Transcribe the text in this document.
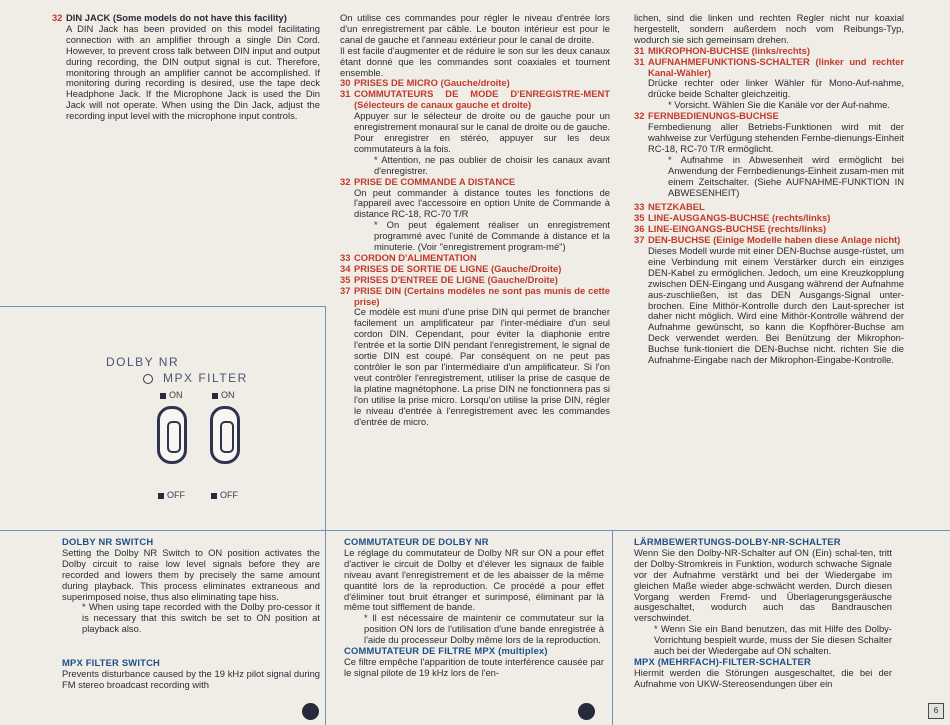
32 DIN JACK (Some models do not have this facility)
A DIN Jack has been provided on this model facilitating connection with an amplifier through a single Din Cord. However, to prevent cross talk between DIN input and output during recording, the DIN output signal is cut. Therefore, monitoring through an amplifier cannot be accomplished. If monitoring during recording is desired, use the tape deck Headphone Jack. If the Microphone Jack is used the Din Jack will not operate. When using the Din Jack, adjust the recording input level with the microphone input controls.

On utilise ces commandes pour régler le niveau d'entrée lors d'un enregistrement par câble. Le bouton intérieur est pour le canal de gauche et l'anneau extérieur pour le canal de droite.

Il est facile d'augmenter et de réduire le son sur les deux canaux étant donné que les commandes sont coaxiales et tournent ensemble.

30 PRISES DE MICRO (Gauche/droite)
31 COMMUTATEURS DE MODE D'ENREGISTRE-MENT (Sélecteurs de canaux gauche et droite)
Appuyer sur le sélecteur de droite ou de gauche pour un enregistrement monaural sur le canal de droite ou de gauche. Pour enregistrer en stéréo, appuyer sur les deux commutateurs à la fois.
* Attention, ne pas oublier de choisir les canaux avant d'enregistrer.
32 PRISE DE COMMANDE A DISTANCE
On peut commander à distance toutes les fonctions de l'appareil avec l'accessoire en option Unite de Commande à distance RC-18, RC-70 T/R
* On peut également réaliser un enregistrement programmé avec l'unité de Commande à distance et la minuterie. (Voir "enregistrement program-mé")
33 CORDON D'ALIMENTATION
34 PRISES DE SORTIE DE LIGNE (Gauche/Droite)
35 PRISES D'ENTREE DE LIGNE (Gauche/Droite)
37 PRISE DIN (Certains modèles ne sont pas munis de cette prise)
Ce modèle est muni d'une prise DIN qui permet de brancher facilement un amplificateur par l'inter-médiaire d'un seul cordon DIN. Cependant, pour éviter la diaphonie entre l'entrée et la sortie DIN pendant l'enregistrement, le signal de sortie DIN est coupé. Par conséquent on ne peut pas contrôler le son par l'intermédiaire d'un amplificateur. Si l'on veut contrôler l'enregistrement, utiliser la prise de casque de la platine magnétophone. La prise DIN ne fonctionnera pas si l'on utilise la prise micro. Lorsqu'on utilise la prise DIN, régler le niveau d'entrée à l'enregistrement avec les commandes d'entrée de micro.

lichen, sind die linken und rechten Regler nicht nur koaxial hergestellt, sondern außerdem noch vom Reibungs-Typ, wodurch sie sich gemeinsam drehen.

31 MIKROPHON-BUCHSE (links/rechts)
31 AUFNAHMEFUNKTIONS-SCHALTER (linker und rechter Kanal-Wähler)
Drücke rechter oder linker Wähler für Mono-Auf-nahme, drücke beide Schalter gleichzeitig.
* Vorsicht. Wählen Sie die Kanäle vor der Auf-nahme.
32 FERNBEDIENUNGS-BUCHSE
Fernbedienung aller Betriebs-Funktionen wird mit der wahlweise zur Verfügung stehenden Fernbe-dienungs-Einheit RC-18, RC-70 T/R ermöglicht.
* Aufnahme in Abwesenheit wird ermöglicht bei Anwendung der Fernbedienungs-Einheit zusam-men mit einem Zeitschalter. (Siehe AUFNAHME-FUNKTION IN ABWESENHEIT)
33 NETZKABEL
35 LINE-AUSGANGS-BUCHSE (rechts/links)
36 LINE-EINGANGS-BUCHSE (rechts/links)
37 DEN-BUCHSE (Einige Modelle haben diese Anlage nicht)
Dieses Modell wurde mit einer DEN-Buchse ausge-rüstet, um eine Verbindung mit einem Verstärker durch ein einziges DEN-Kabel zu ermöglichen. Jedoch, um eine Kreuzkopplung zwischen DEN-Eingang und Ausgang während der Aufnahme aus-zuschließen, ist das DEN Ausgangs-Signal unter-brochen. Eine Mithör-Kontrolle durch den Laut-sprecher ist daher nicht möglich. Wird eine Mithör-Kontrolle während der Aufnahme gewünscht, so kann die Kopfhörer-Buchse am Deck verwendet werden. Bei Benützung der Mikrophon-Buchse funk-tioniert die DEN-Buchse nicht. richten Sie die Aufnahme-Eingabe nach der Mikrophon-Eingabe-Kontrolle.
DOLBY NR
MPX FILTER
ON	ON
OFF	OFF
DOLBY NR SWITCH
Setting the Dolby NR Switch to ON position activates the Dolby circuit to raise low level signals before they are recorded and lowers them by precisely the same amount during playback. This process eliminates extraneous and superimposed noise, thus also eliminating tape hiss.
* When using tape recorded with the Dolby pro-cessor it is necessary that this switch be set to ON position at playback also.
MPX FILTER SWITCH
Prevents disturbance caused by the 19 kHz pilot signal during FM stereo broadcast recording with
COMMUTATEUR DE DOLBY NR
Le réglage du commutateur de Dolby NR sur ON a pour effet d'activer le circuit de Dolby et d'élever les signaux de faible niveau avant l'enregistrement et de les abaisser de la même quantité lors de la reproduction. Ce procédé a pour effet d'éliminer tout bruit étranger et surimposé, éliminant par là même tout sifflement de bande.
* Il est nécessaire de maintenir ce commutateur sur la position ON lors de l'utilisation d'une bande enregistrée à l'aide du processeur Dolby même lors de la reproduction.
COMMUTATEUR DE FILTRE MPX (multiplex)
Ce filtre empêche l'apparition de toute interférence causée par le signal pilote de 19 kHz lors de l'en-
LÄRMBEWERTUNGS-DOLBY-NR-SCHALTER
Wenn Sie den Dolby-NR-Schalter auf ON (Ein) schal-ten, tritt der Dolby-Stromkreis in Funktion, wodurch schwache Signale vor der Aufnahme verstärkt und bei der Wiedergabe im gleichen Maße wieder abge-schwächt werden. Durch diesen Vorgang werden Fremd- und Überlagerungsgeräusche ausgeschaltet, wodurch auch das Bandrauschen verschwindet.
* Wenn Sie ein Band benutzen, das mit Hilfe des Dolby-Vorrichtung bespielt wurde, muss der Sie diesen Schalter auch bei der Wiedergabe auf ON schalten.
MPX (MEHRFACH)-FILTER-SCHALTER
Hiermit werden die Störungen ausgeschaltet, die bei der Aufnahme von UKW-Stereosendungen über ein
6
